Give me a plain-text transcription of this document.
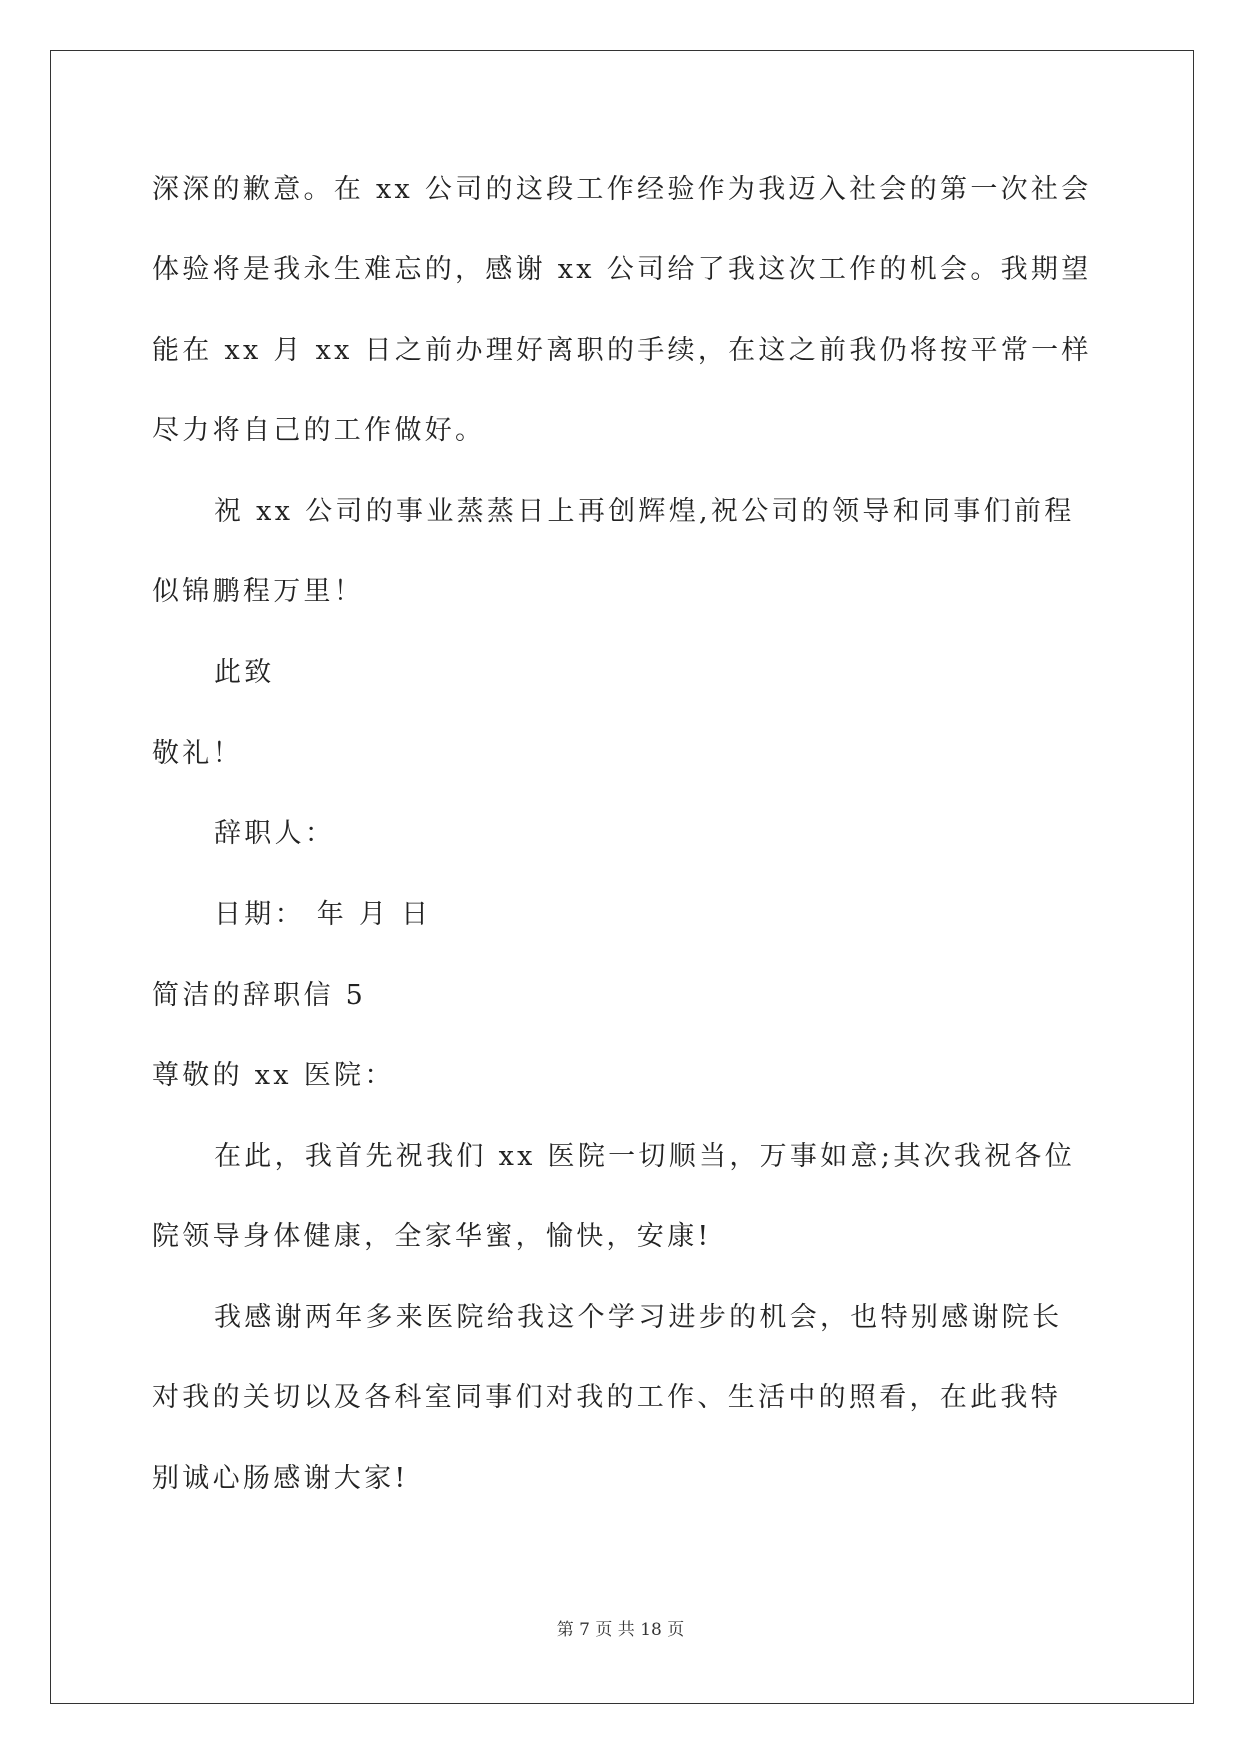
深深的歉意。在 xx 公司的这段工作经验作为我迈入社会的第一次社会
体验将是我永生难忘的，感谢 xx 公司给了我这次工作的机会。我期望
能在 xx 月 xx 日之前办理好离职的手续，在这之前我仍将按平常一样
尽力将自己的工作做好。
祝 xx 公司的事业蒸蒸日上再创辉煌,祝公司的领导和同事们前程
似锦鹏程万里！
此致
敬礼！
辞职人：
日期： 年 月 日
简洁的辞职信 5
尊敬的 xx 医院：
在此，我首先祝我们 xx 医院一切顺当，万事如意;其次我祝各位
院领导身体健康，全家华蜜，愉快，安康!
我感谢两年多来医院给我这个学习进步的机会，也特别感谢院长
对我的关切以及各科室同事们对我的工作、生活中的照看，在此我特
别诚心肠感谢大家!
第 7 页 共 18 页
